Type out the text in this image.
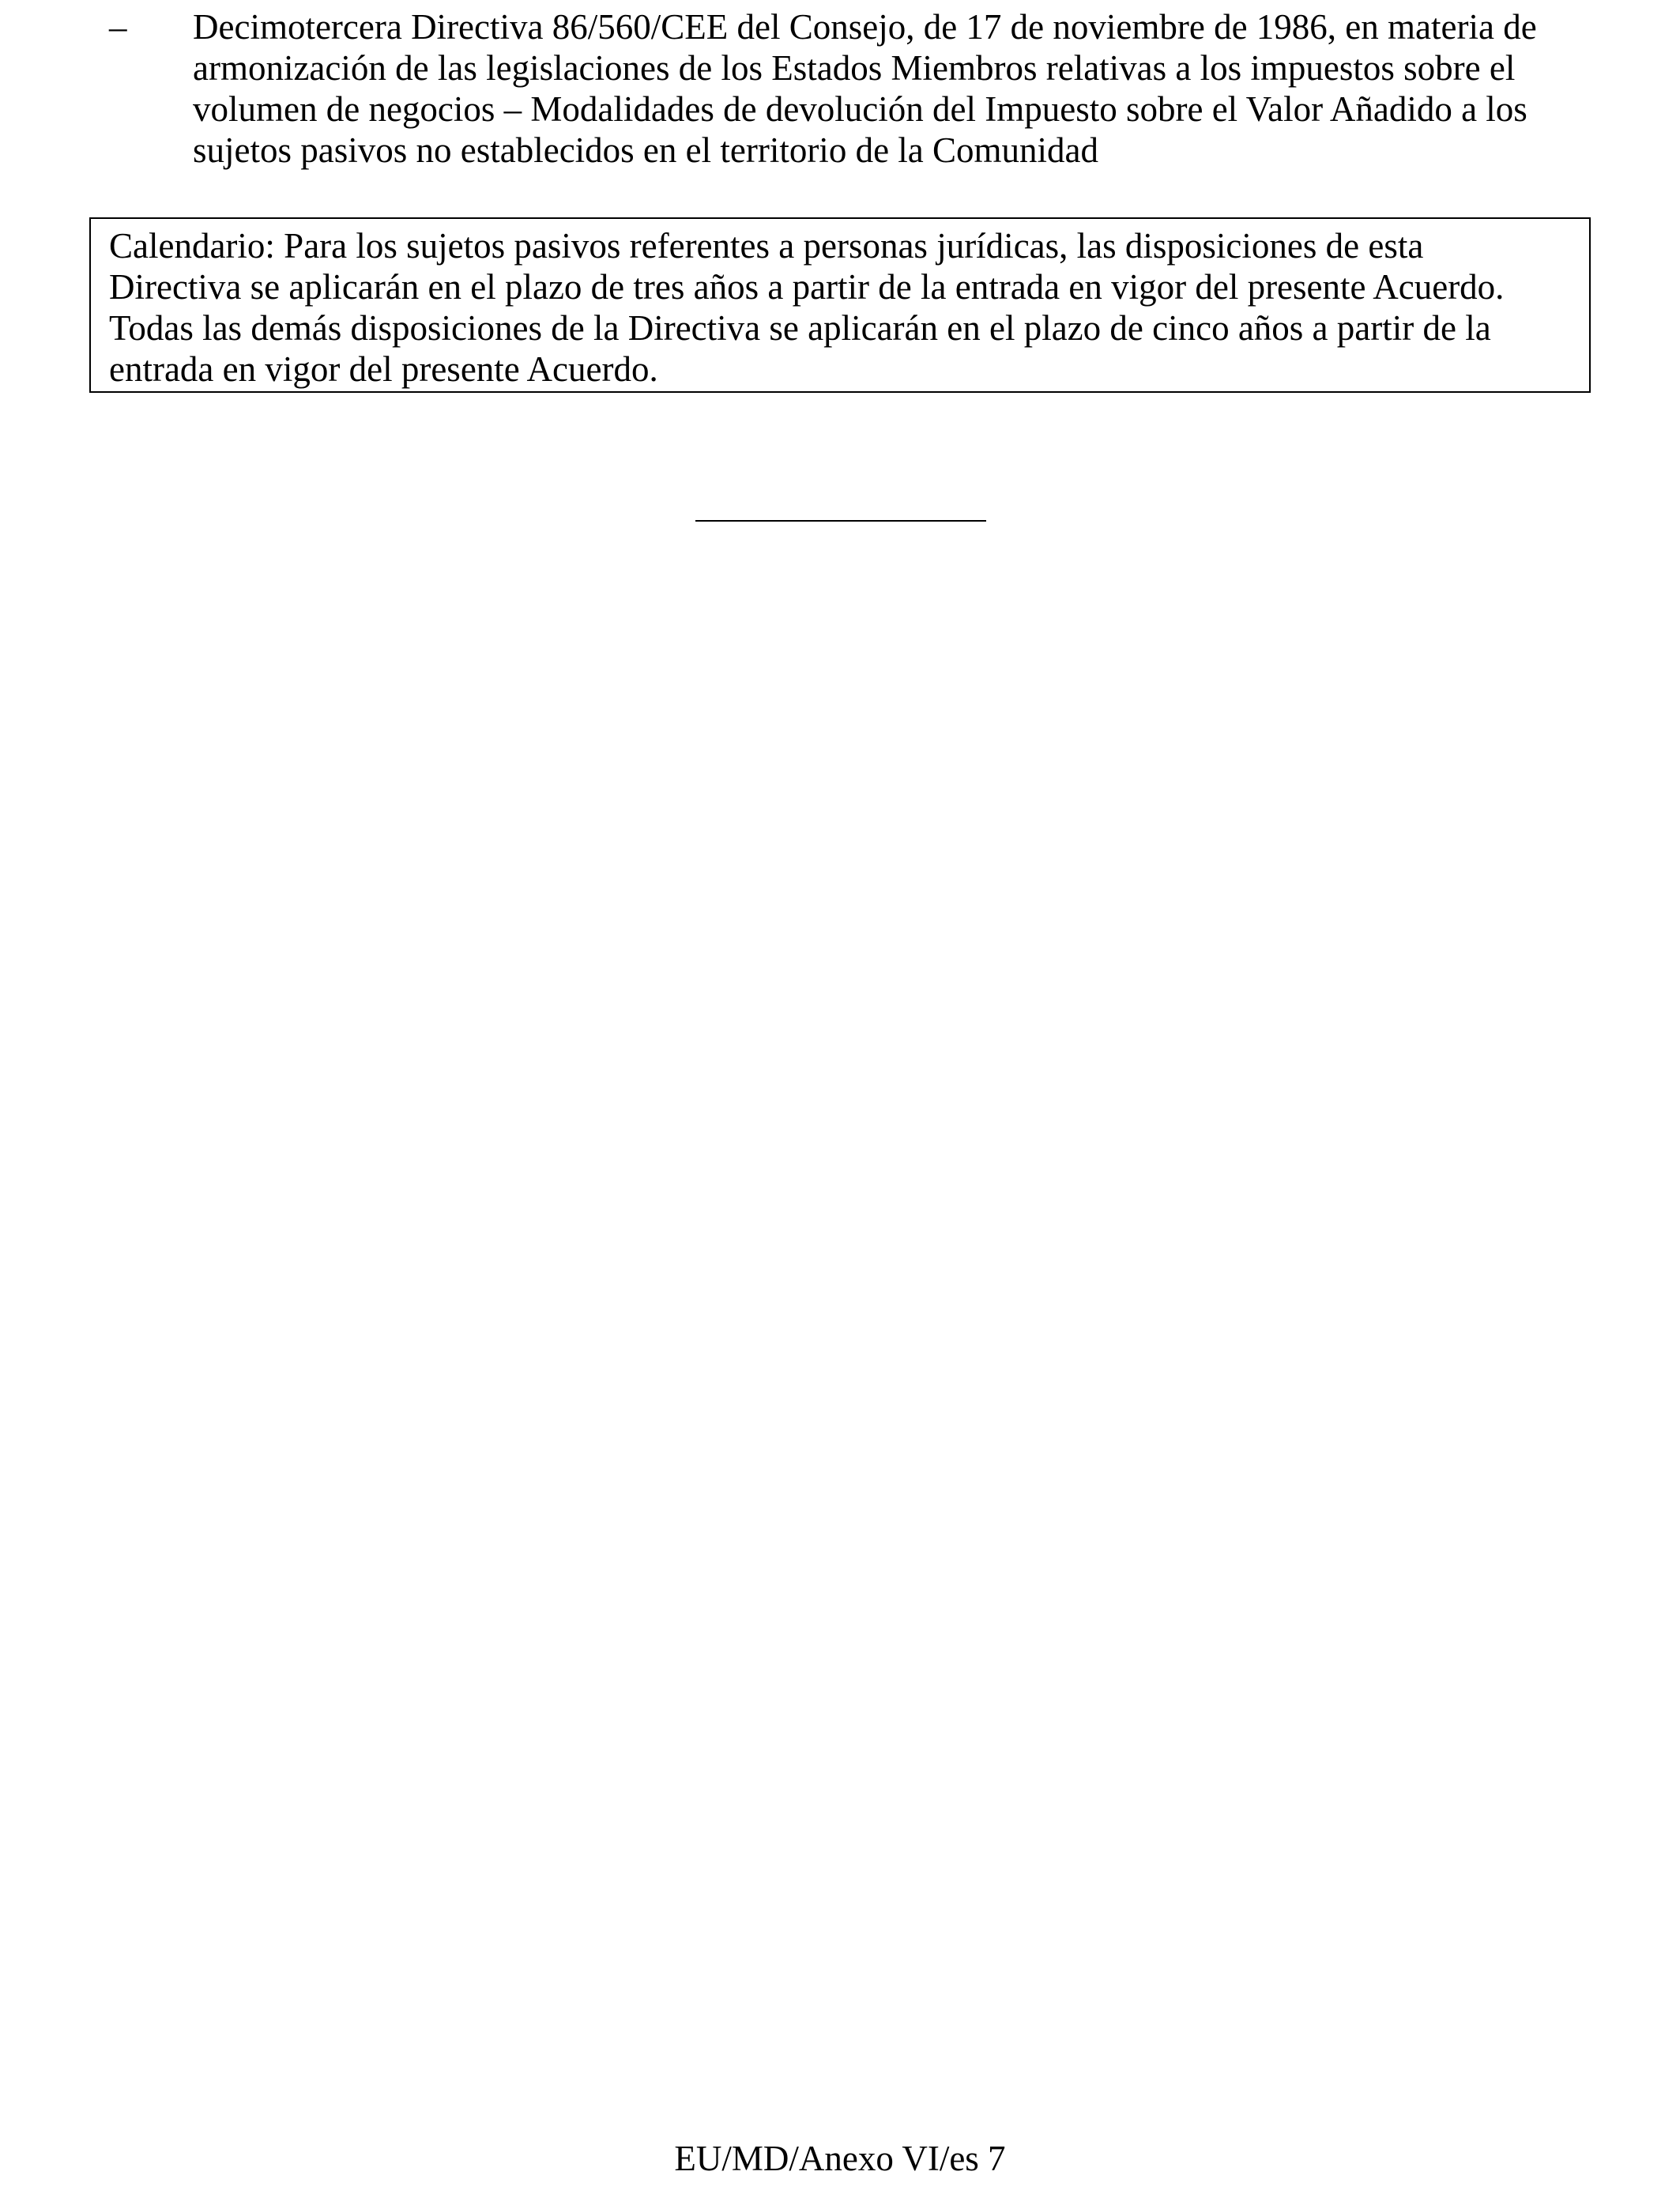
– Decimotercera Directiva 86/560/CEE del Consejo, de 17 de noviembre de 1986, en materia de
armonización de las legislaciones de los Estados Miembros relativas a los impuestos sobre el
volumen de negocios – Modalidades de devolución del Impuesto sobre el Valor Añadido a los
sujetos pasivos no establecidos en el territorio de la Comunidad
Calendario: Para los sujetos pasivos referentes a personas jurídicas, las disposiciones de esta
Directiva se aplicarán en el plazo de tres años a partir de la entrada en vigor del presente Acuerdo.
Todas las demás disposiciones de la Directiva se aplicarán en el plazo de cinco años a partir de la
entrada en vigor del presente Acuerdo.
EU/MD/Anexo VI/es 7
